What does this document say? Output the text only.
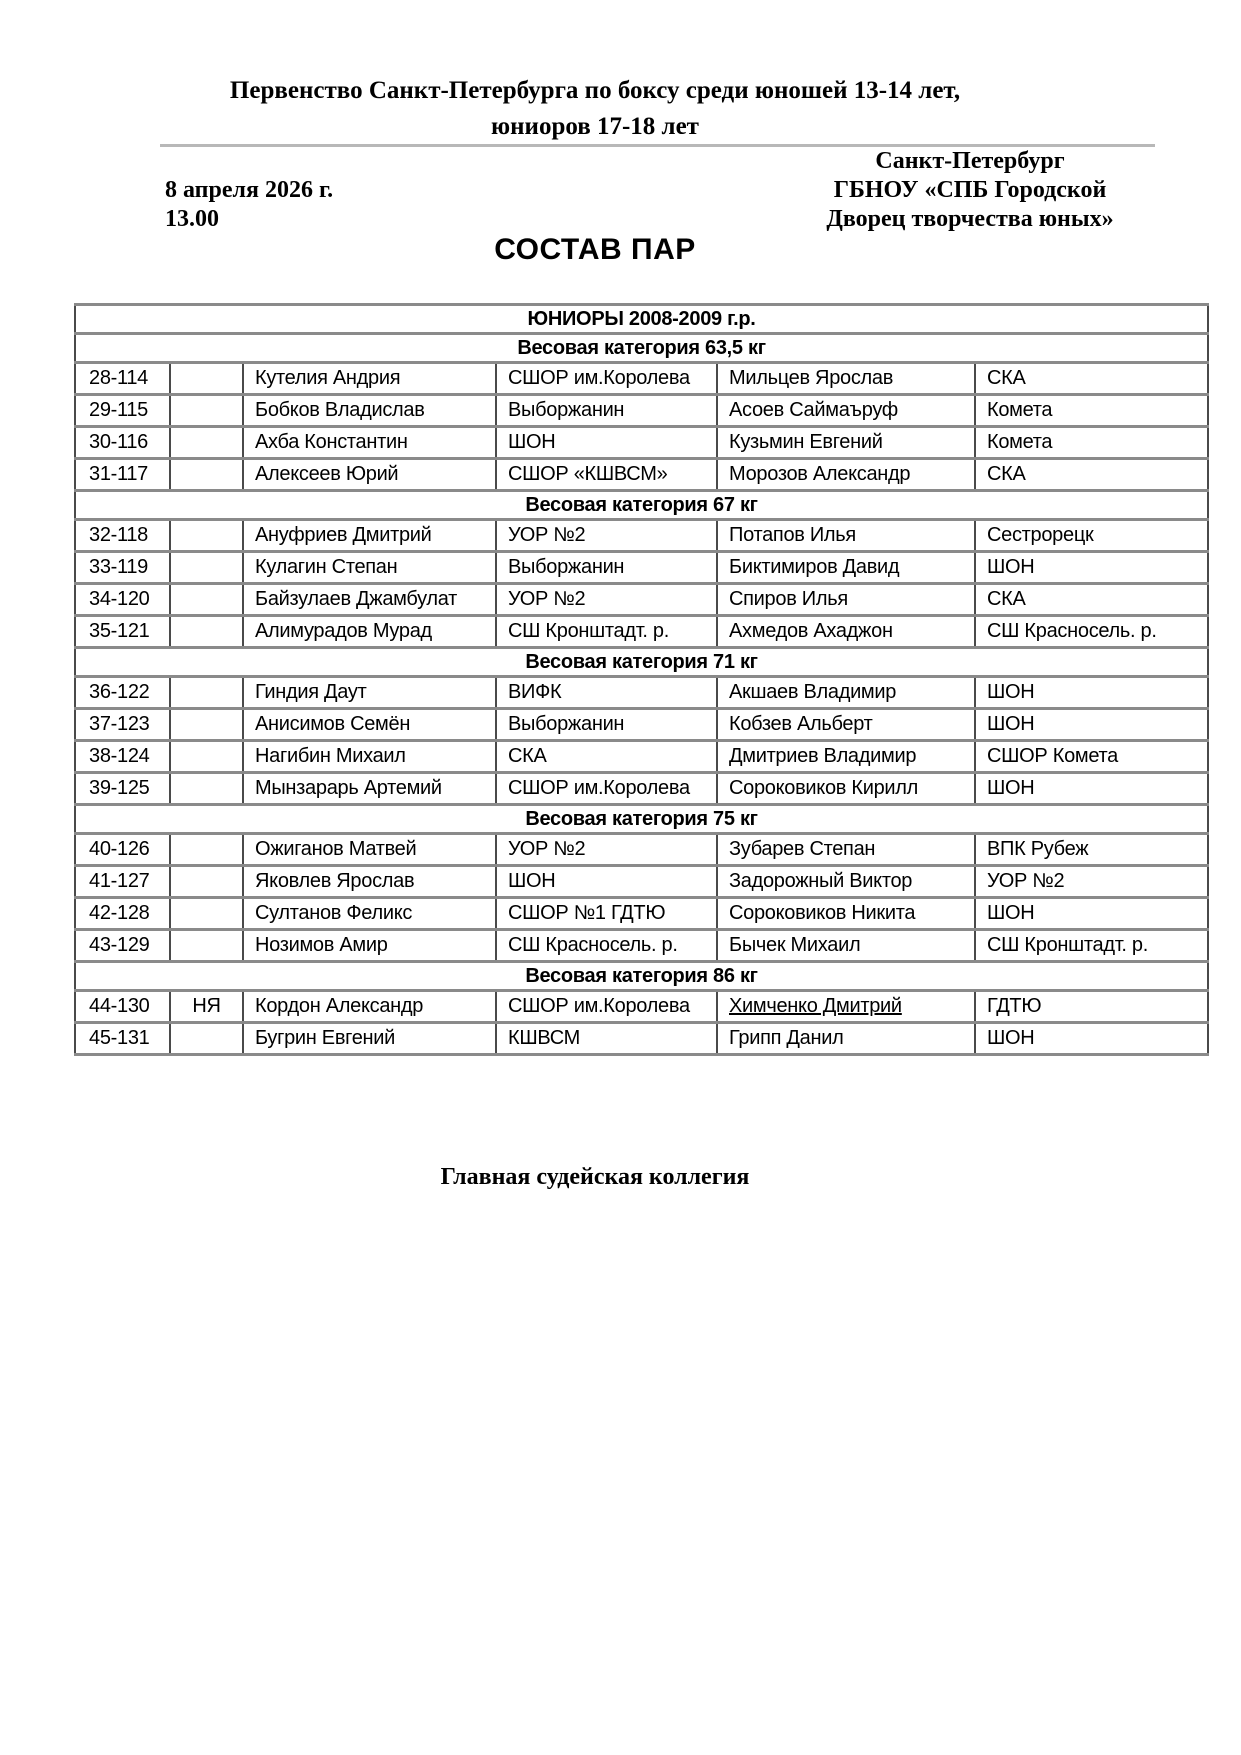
Первенство Санкт-Петербурга по боксу среди юношей 13-14 лет,
юниоров 17-18 лет
Санкт-Петербург
ГБНОУ «СПБ Городской
Дворец творчества юных»
8 апреля 2026 г.
13.00
СОСТАВ ПАР
ЮНИОРЫ 2008-2009 г.р.					
Весовая категория 63,5 кг					
28-114		Кутелия Андрия	СШОР им.Королева	Мильцев Ярослав	СКА
29-115		Бобков Владислав	Выборжанин	Асоев Саймаъруф	Комета
30-116		Ахба Константин	ШОН	Кузьмин Евгений	Комета
31-117		Алексеев Юрий	СШОР «КШВСМ»	Морозов Александр	СКА
Весовая категория 67 кг					
32-118		Ануфриев Дмитрий	УОР №2	Потапов Илья	Сестрорецк
33-119		Кулагин Степан	Выборжанин	Биктимиров Давид	ШОН
34-120		Байзулаев Джамбулат	УОР №2	Спиров Илья	СКА
35-121		Алимурадов Мурад	СШ Кронштадт. р.	Ахмедов Ахаджон	СШ Красносель. р.
Весовая категория 71 кг					
36-122		Гиндия Даут	ВИФК	Акшаев Владимир	ШОН
37-123		Анисимов Семён	Выборжанин	Кобзев Альберт	ШОН
38-124		Нагибин Михаил	СКА	Дмитриев Владимир	СШОР Комета
39-125		Мынзарарь Артемий	СШОР им.Королева	Сороковиков Кирилл	ШОН
Весовая категория 75 кг					
40-126		Ожиганов Матвей	УОР №2	Зубарев Степан	ВПК Рубеж
41-127		Яковлев Ярослав	ШОН	Задорожный Виктор	УОР №2
42-128		Султанов Феликс	СШОР №1 ГДТЮ	Сороковиков Никита	ШОН
43-129		Нозимов Амир	СШ Красносель. р.	Бычек Михаил	СШ Кронштадт. р.
Весовая категория 86 кг					
44-130	НЯ	Кордон Александр	СШОР им.Королева	Химченко Дмитрий	ГДТЮ
45-131		Бугрин Евгений	КШВСМ	Грипп Данил	ШОН
Главная судейская коллегия
